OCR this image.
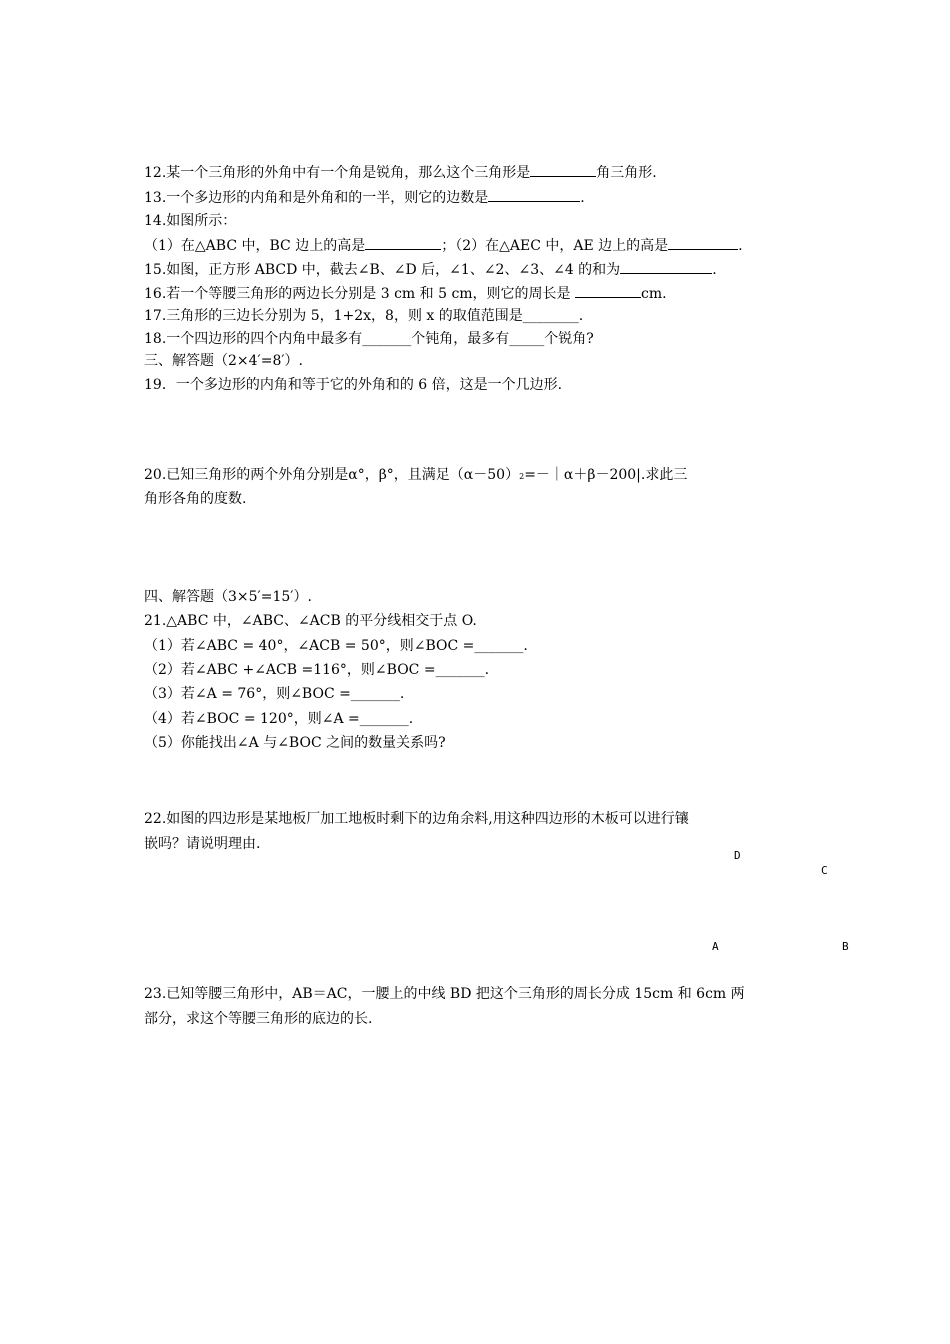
12.某一个三角形的外角中有一个角是锐角，那么这个三角形是	角三角形.
13.一个多边形的内角和是外角和的一半，则它的边数是	.
14.如图所示：
（1）在△ABC 中，BC 边上的高是	；（2）在△AEC 中，AE 边上的高是	.
15.如图，正方形 ABCD 中，截去∠B、∠D 后，∠1、∠2、∠3、∠4 的和为	.
16.若一个等腰三角形的两边长分别是 3 cm 和 5 cm，则它的周长是	cm.
17.三角形的三边长分别为 5，1+2x，8，则 x 的取值范围是________.
18.一个四边形的四个内角中最多有_______个钝角，最多有_____个锐角?
三、解答题（2×4′=8′）.
19．一个多边形的内角和等于它的外角和的 6 倍，这是一个几边形.
20.已知三角形的两个外角分别是α°，β°，且满足（α－50）2=－｜α＋β－200|.求此三
角形各角的度数.
四、解答题（3×5′=15′）.
21.△ABC 中，∠ABC、∠ACB 的平分线相交于点 O.
（1）若∠ABC = 40°，∠ACB = 50°，则∠BOC =_______.
（2）若∠ABC +∠ACB =116°，则∠BOC =_______.
（3）若∠A = 76°，则∠BOC =_______.
（4）若∠BOC = 120°，则∠A =_______.
（5）你能找出∠A 与∠BOC 之间的数量关系吗?
22.如图的四边形是某地板厂加工地板时剩下的边角余料,用这种四边形的木板可以进行镶
嵌吗？请说明理由.
D
C
A	B
23.已知等腰三角形中，AB＝AC，一腰上的中线 BD 把这个三角形的周长分成 15cm 和 6cm 两
部分，求这个等腰三角形的底边的长.
